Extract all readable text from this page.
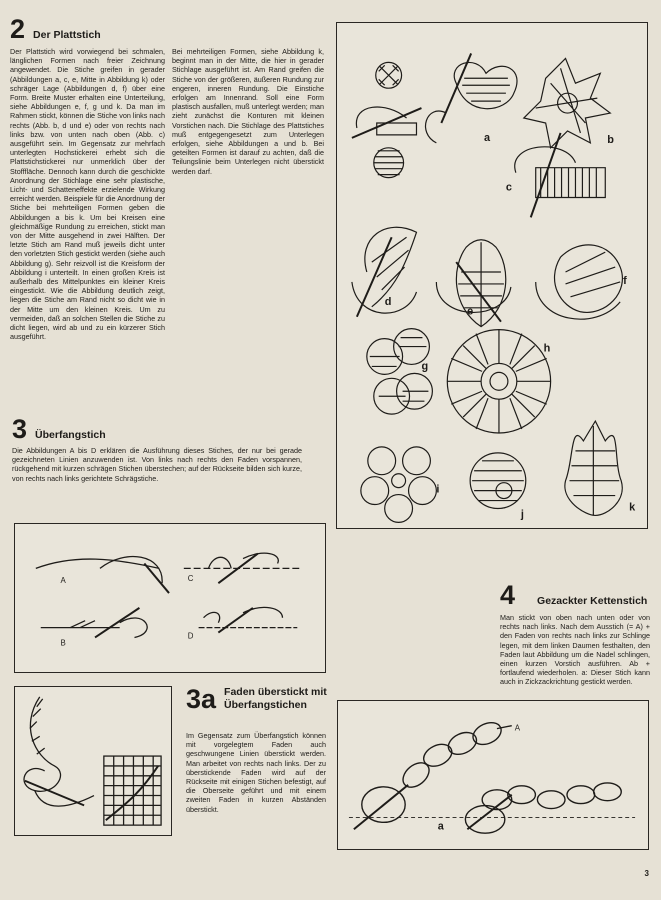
2 Der Plattstich

Der Plattstich wird vorwiegend bei schmalen, länglichen Formen nach freier Zeichnung angewendet. Die Stiche greifen in gerader (Abbildungen a, c, e, Mitte in Abbildung k) oder schräger Lage (Abbildungen d, f) über eine Form. Breite Muster erhalten eine Unterteilung, siehe Abbildungen e, f, g und k. Da man im Rahmen stickt, können die Stiche von links nach rechts (Abb. b, d und e) oder von rechts nach links bzw. von unten nach oben (Abb. c) ausgeführt sein. Im Gegensatz zur mehrfach unterlegten Hochstickerei erhebt sich die Plattstichstickerei nur unmerklich über der Stofffläche. Dennoch kann durch die geschickte Anordnung der Stichlage eine sehr plastische, Licht- und Schatteneffekte erzielende Wirkung erreicht werden. Beispiele für die Anordnung der Stiche bei mehrteiligen Formen geben die Abbildungen a bis k. Um bei Kreisen eine gleichmäßige Rundung zu erreichen, stickt man von der Mitte ausgehend in zwei Hälften. Der letzte Stich am Rand muß jeweils dicht unter den vorletzten Stich gestickt werden (siehe auch Abbildung g). Sehr reizvoll ist die Kreisform der Abbildung i unterteilt. In einen großen Kreis ist außerhalb des Mittelpunktes ein kleiner Kreis eingestickt. Wie die Abbildung deutlich zeigt, liegen die Stiche am Rand nicht so dicht wie in der Mitte um den kleinen Kreis. Um zu vermeiden, daß an solchen Stellen die Stiche zu dicht liegen, wird ab und zu ein kürzerer Stich ausgeführt.

Bei mehrteiligen Formen, siehe Abbildung k, beginnt man in der Mitte, die hier in gerader Stichlage ausgeführt ist. Am Rand greifen die Stiche von der größeren, äußeren Rundung zur engeren, inneren Rundung. Die Einstiche erfolgen am Innenrand. Soll eine Form plastisch ausfallen, muß unterlegt werden; man zieht zunächst die Konturen mit kleinen Vorstichen nach. Die Stichlage des Plattstiches muß entgegengesetzt zum Unterlegen erfolgen, siehe Abbildungen a und b. Bei geteilten Formen ist darauf zu achten, daß die Teilungslinie beim Unterlegen nicht überstickt werden darf.

a	b
c
d
e
f
g
h
i
j
k
3 Überfangstich

Die Abbildungen A bis D erklären die Ausführung dieses Stiches, der nur bei gerade gezeichneten Linien anzuwenden ist. Von links nach rechts den Faden vorspannen, rückgehend mit kurzen schrägen Stichen überstechen; auf der Rückseite bilden sich kurze, von rechts nach links gerichtete Schrägstiche.

A
B
C
D
3a Faden überstickt mit Überfangstichen

Im Gegensatz zum Überfangstich können mit vorgelegtem Faden auch geschwungene Linien überstickt werden. Man arbeitet von rechts nach links. Der zu überstickende Faden wird auf der Rückseite mit einigen Stichen befestigt, auf die Oberseite geführt und mit einem zweiten Faden in kurzen Abständen überstickt.

4	Gezackter Kettenstich

Man stickt von oben nach unten oder von rechts nach links. Nach dem Ausstich (= A) + den Faden von rechts nach links zur Schlinge legen, mit dem linken Daumen festhalten, den Faden laut Abbildung um die Nadel schlingen, einen kurzen Vorstich ausführen. Ab + fortlaufend wiederholen. a: Dieser Stich kann auch in Zickzackrichtung gestickt werden.

A
a
3
